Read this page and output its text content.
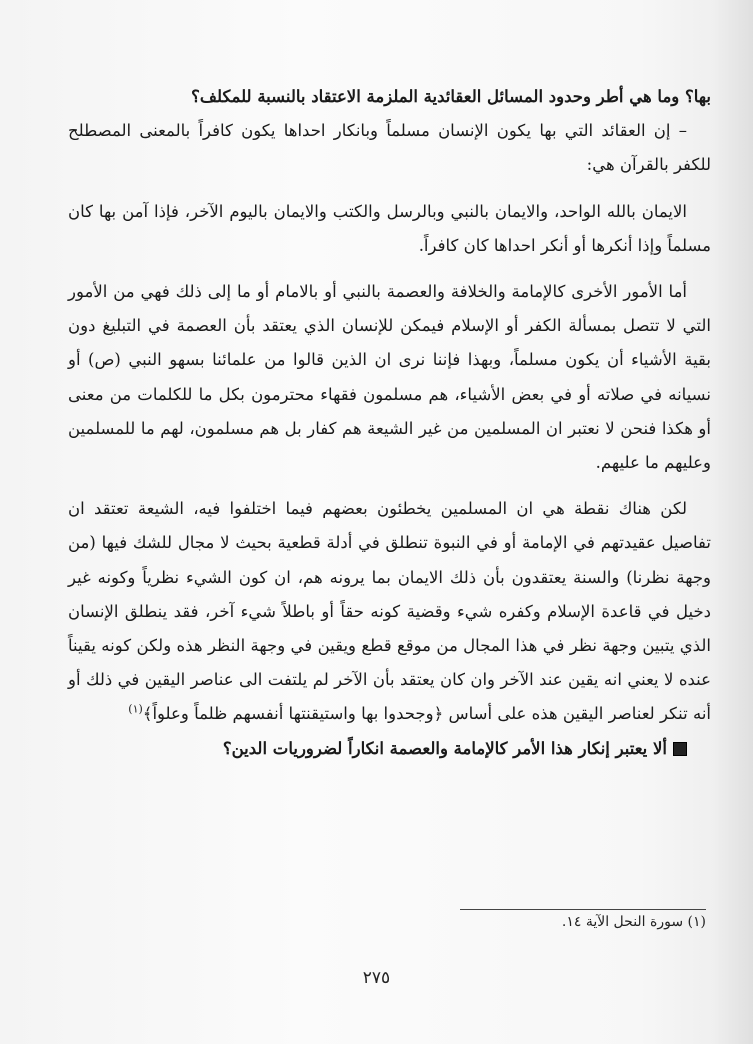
بها؟ وما هي أطر وحدود المسائل العقائدية الملزمة الاعتقاد بالنسبة للمكلف؟

– إن العقائد التي بها يكون الإنسان مسلماً وبانكار احداها يكون كافراً بالمعنى المصطلح للكفر بالقرآن هي:

الايمان بالله الواحد، والايمان بالنبي وبالرسل والكتب والايمان باليوم الآخر، فإذا آمن بها كان مسلماً وإذا أنكرها أو أنكر احداها كان كافراً.

أما الأمور الأخرى كالإمامة والخلافة والعصمة بالنبي أو بالامام أو ما إلى ذلك فهي من الأمور التي لا تتصل بمسألة الكفر أو الإسلام فيمكن للإنسان الذي يعتقد بأن العصمة في التبليغ دون بقية الأشياء أن يكون مسلماً، وبهذا فإننا نرى ان الذين قالوا من علمائنا بسهو النبي (ص) أو نسيانه في صلاته أو في بعض الأشياء، هم مسلمون فقهاء محترمون بكل ما للكلمات من معنى أو هكذا فنحن لا نعتبر ان المسلمين من غير الشيعة هم كفار بل هم مسلمون، لهم ما للمسلمين وعليهم ما عليهم.

لكن هناك نقطة هي ان المسلمين يخطئون بعضهم فيما اختلفوا فيه، الشيعة تعتقد ان تفاصيل عقيدتهم في الإمامة أو في النبوة تنطلق في أدلة قطعية بحيث لا مجال للشك فيها (من وجهة نظرنا) والسنة يعتقدون بأن ذلك الايمان بما يرونه هم، ان كون الشيء نظرياً وكونه غير دخيل في قاعدة الإسلام وكفره شيء وقضية كونه حقاً أو باطلاً شيء آخر، فقد ينطلق الإنسان الذي يتبين وجهة نظر في هذا المجال من موقع قطع ويقين في وجهة النظر هذه ولكن كونه يقيناً عنده لا يعني انه يقين عند الآخر وان كان يعتقد بأن الآخر لم يلتفت الى عناصر اليقين في ذلك أو أنه تنكر لعناصر اليقين هذه على أساس ﴿وجحدوا بها واستيقنتها أنفسهم ظلماً وعلواً﴾$^{(١)}$

ألا يعتبر إنكار هذا الأمر كالإمامة والعصمة انكاراً لضروريات الدين؟

(١) سورة النحل الآية ١٤.
٢٧٥
